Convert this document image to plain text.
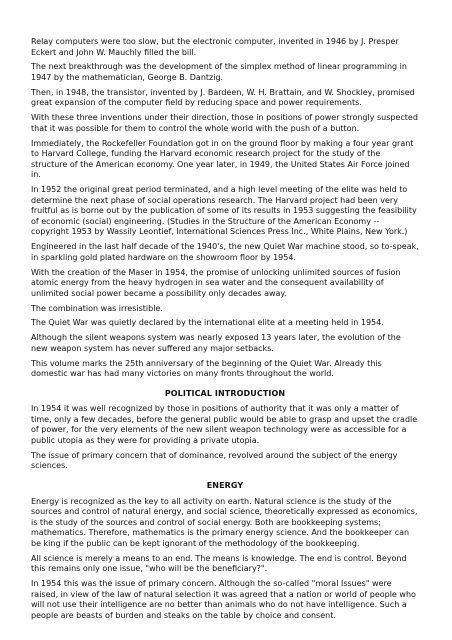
Relay computers were too slow, but the electronic computer, invented in 1946 by J. Presper Eckert and John W. Mauchly filled the bill.

The next breakthrough was the development of the simplex method of linear programming in 1947 by the mathematician, George B. Dantzig.

Then, in 1948, the transistor, invented by J. Bardeen, W. H. Brattain, and W. Shockley, promised great expansion of the computer field by reducing space and power requirements.

With these three inventions under their direction, those in positions of power strongly suspected that it was possible for them to control the whole world with the push of a button.

Immediately, the Rockefeller Foundation got in on the ground floor by making a four year grant to Harvard College, funding the Harvard economic research project for the study of the structure of the American economy. One year later, in 1949, the United States Air Force joined in.

In 1952 the original great period terminated, and a high level meeting of the elite was held to determine the next phase of social operations research. The Harvard project had been very fruitful as is borne out by the publication of some of its results in 1953 suggesting the feasibility of economic (social) engineering. (Studies in the Structure of the American Economy -- copyright 1953 by Wassily Leontief, International Sciences Press Inc., White Plains, New York.)

Engineered in the last half decade of the 1940's, the new Quiet War machine stood, so to-speak, in sparkling gold plated hardware on the showroom floor by 1954.

With the creation of the Maser in 1954, the promise of unlocking unlimited sources of fusion atomic energy from the heavy hydrogen in sea water and the consequent availability of unlimited social power became a possibility only decades away.

The combination was irresistible.

The Quiet War was quietly declared by the international elite at a meeting held in 1954.

Although the silent weapons system was nearly exposed 13 years later, the evolution of the new weapon system has never suffered any major setbacks.

This volume marks the 25th anniversary of the beginning of the Quiet War. Already this domestic war has had many victories on many fronts throughout the world.

POLITICAL INTRODUCTION

In 1954 it was well recognized by those in positions of authority that it was only a matter of time, only a few decades, before the general public would be able to grasp and upset the cradle of power, for the very elements of the new silent weapon technology were as accessible for a public utopia as they were for providing a private utopia.

The issue of primary concern that of dominance, revolved around the subject of the energy sciences.

ENERGY

Energy is recognized as the key to all activity on earth. Natural science is the study of the sources and control of natural energy, and social science, theoretically expressed as economics, is the study of the sources and control of social energy. Both are bookkeeping systems; mathematics. Therefore, mathematics is the primary energy science. And the bookkeeper can be king if the public can be kept ignorant of the methodology of the bookkeeping.

All science is merely a means to an end. The means is knowledge. The end is control. Beyond this remains only one issue, "who will be the beneficiary?".

In 1954 this was the issue of primary concern. Although the so-called "moral Issues" were raised, in view of the law of natural selection it was agreed that a nation or world of people who will not use their intelligence are no better than animals who do not have intelligence. Such a people are beasts of burden and steaks on the table by choice and consent.
